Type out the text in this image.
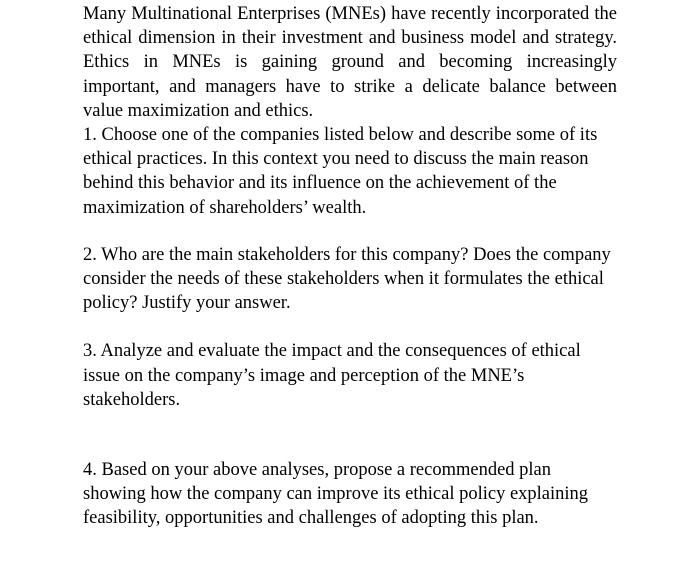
Many Multinational Enterprises (MNEs) have recently incorporated the ethical dimension in their investment and business model and strategy. Ethics in MNEs is gaining ground and becoming increasingly important, and managers have to strike a delicate balance between value maximization and ethics.

1. Choose one of the companies listed below and describe some of its ethical practices. In this context you need to discuss the main reason behind this behavior and its influence on the achievement of the maximization of shareholders’ wealth.

2. Who are the main stakeholders for this company? Does the company consider the needs of these stakeholders when it formulates the ethical policy? Justify your answer.

3. Analyze and evaluate the impact and the consequences of ethical issue on the company’s image and perception of the MNE’s stakeholders.

4. Based on your above analyses, propose a recommended plan showing how the company can improve its ethical policy explaining feasibility, opportunities and challenges of adopting this plan.
